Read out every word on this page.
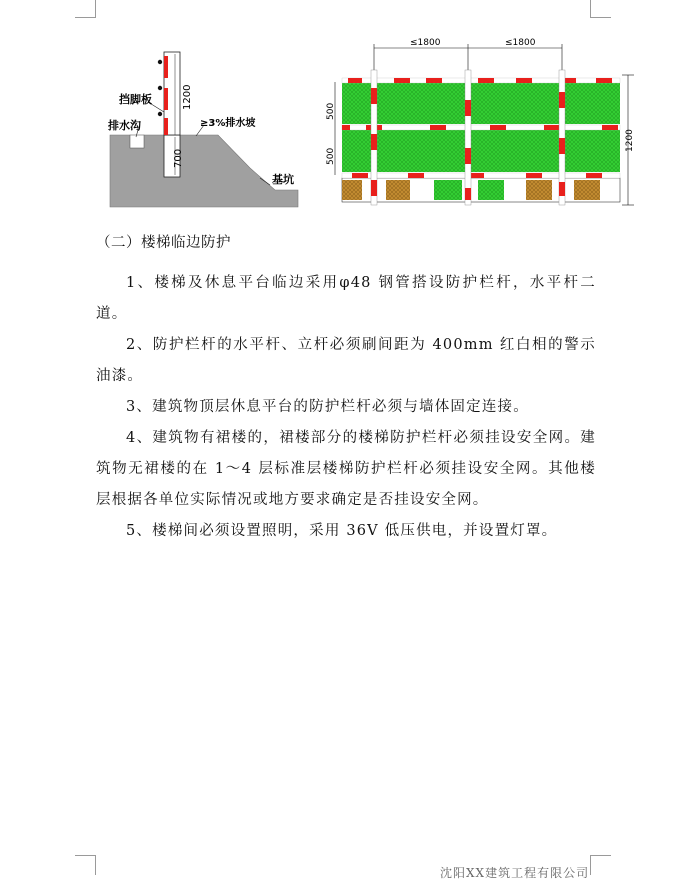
1200
700
挡脚板
排水沟	≥3%排水坡
基坑
≤1800	≤1800
500
500
1200
（二）楼梯临边防护
1、楼梯及休息平台临边采用φ48 钢管搭设防护栏杆，水平杆二道。
2、防护栏杆的水平杆、立杆必须刷间距为 400mm 红白相的警示油漆。
3、建筑物顶层休息平台的防护栏杆必须与墙体固定连接。
4、建筑物有裙楼的，裙楼部分的楼梯防护栏杆必须挂设安全网。建筑物无裙楼的在 1～4 层标准层楼梯防护栏杆必须挂设安全网。其他楼层根据各单位实际情况或地方要求确定是否挂设安全网。
5、楼梯间必须设置照明，采用 36V 低压供电，并设置灯罩。
沈阳XX建筑工程有限公司
